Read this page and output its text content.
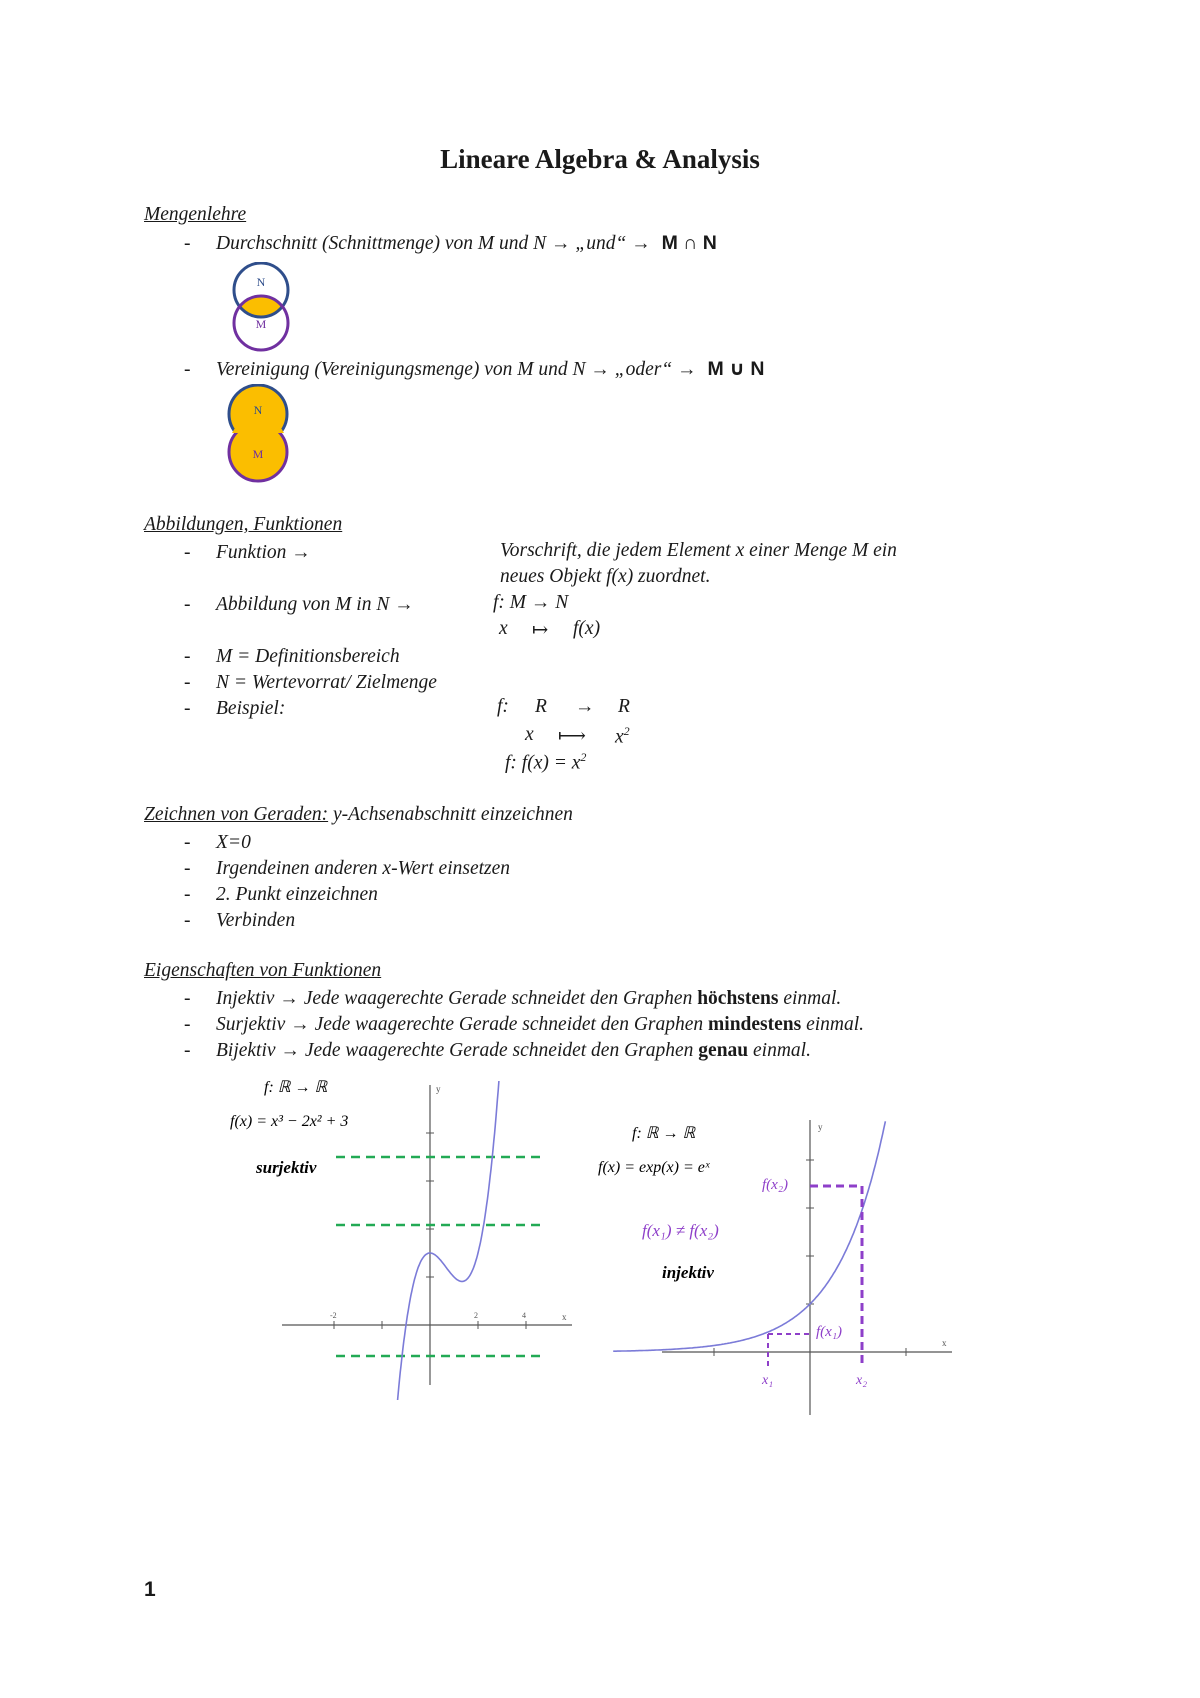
Lineare Algebra & Analysis
Mengenlehre
- Durchschnitt (Schnittmenge) von M und N → „und“ → M ∩ N
N
M
- Vereinigung (Vereinigungsmenge) von M und N → „oder“ → M ∪ N
N
M
Abbildungen, Funktionen
- Funktion →	Vorschrift, die jedem Element x einer Menge M ein
neues Objekt f(x) zuordnet.
- Abbildung von M in N →	f: M → N
x ↦ f(x)
- M = Definitionsbereich
- N = Wertevorrat/ Zielmenge
- Beispiel:	f: R → R
x ⟼ $x^2$
f: $f(x) = x^2$
Zeichnen von Geraden: y-Achsenabschnitt einzeichnen
- X=0
- Irgendeinen anderen x-Wert einsetzen
- 2. Punkt einzeichnen
- Verbinden
Eigenschaften von Funktionen
- Injektiv → Jede waagerechte Gerade schneidet den Graphen höchstens einmal.
- Surjektiv → Jede waagerechte Gerade schneidet den Graphen mindestens einmal.
- Bijektiv → Jede waagerechte Gerade schneidet den Graphen genau einmal.
f: ℝ → ℝ
f(x) = x³ − 2x² + 3
surjektiv
y
x
-2	2	4
f: ℝ → ℝ
f(x) = exp(x) = eˣ
f(x₁) ≠ f(x₂)
injektiv
y
x
f(x₂)
f(x₁)
x₁	x₂
1
